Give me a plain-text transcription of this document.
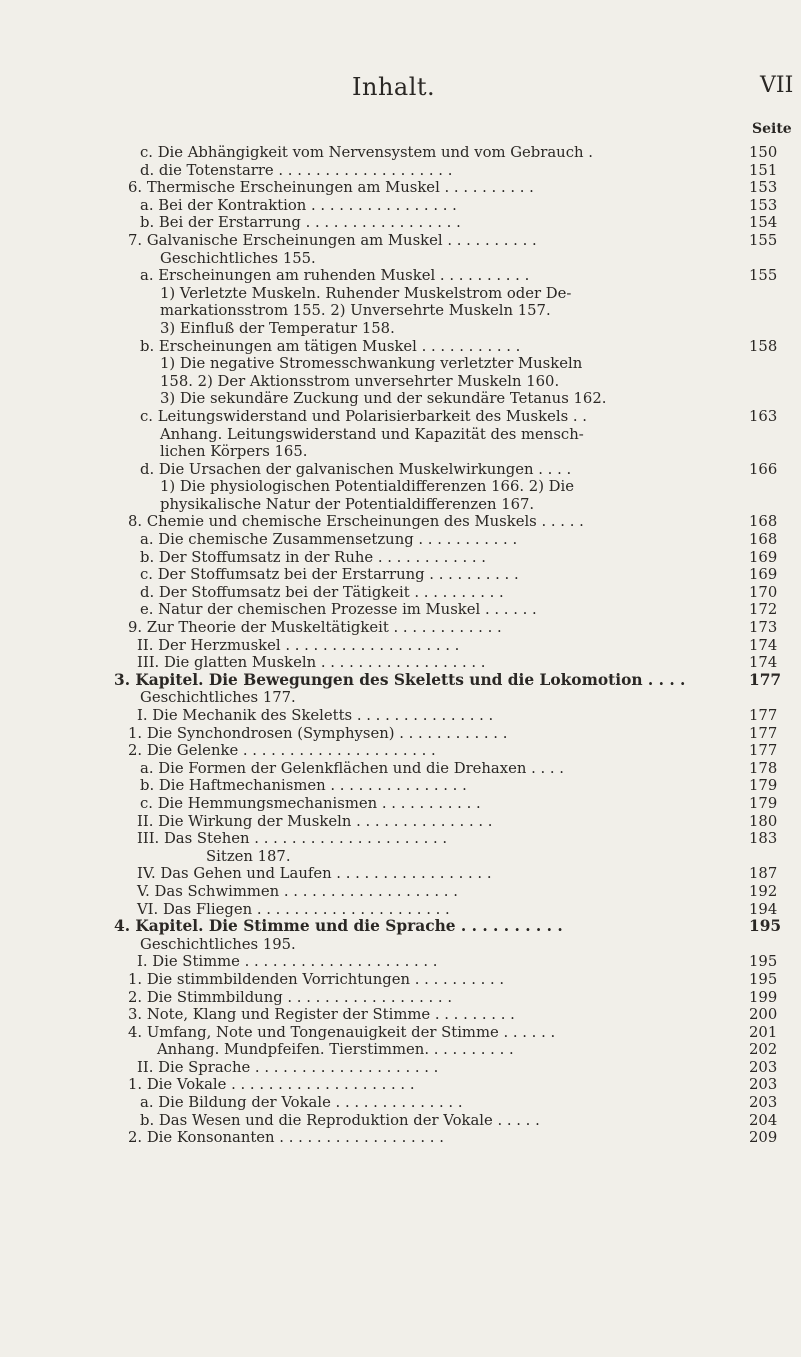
Inhalt.	VII
Seite
c. Die Abhängigkeit vom Nervensystem und vom Gebrauch .	150
d. die Totenstarre . . . . . . . . . . . . . . . . . . .	151
6. Thermische Erscheinungen am Muskel . . . . . . . . . .	153
a. Bei der Kontraktion . . . . . . . . . . . . . . . .	153
b. Bei der Erstarrung . . . . . . . . . . . . . . . . .	154
7. Galvanische Erscheinungen am Muskel . . . . . . . . . .	155
Geschichtliches 155.
a. Erscheinungen am ruhenden Muskel . . . . . . . . . .	155
1) Verletzte Muskeln. Ruhender Muskelstrom oder De-
markationsstrom 155. 2) Unversehrte Muskeln 157.
3) Einfluß der Temperatur 158.
b. Erscheinungen am tätigen Muskel . . . . . . . . . . .	158
1) Die negative Stromesschwankung verletzter Muskeln
158. 2) Der Aktionsstrom unversehrter Muskeln 160.
3) Die sekundäre Zuckung und der sekundäre Tetanus 162.
c. Leitungswiderstand und Polarisierbarkeit des Muskels . .	163
Anhang. Leitungswiderstand und Kapazität des mensch-
lichen Körpers 165.
d. Die Ursachen der galvanischen Muskelwirkungen . . . .	166
1) Die physiologischen Potentialdifferenzen 166. 2) Die
physikalische Natur der Potentialdifferenzen 167.
8. Chemie und chemische Erscheinungen des Muskels . . . . .	168
a. Die chemische Zusammensetzung . . . . . . . . . . .	168
b. Der Stoffumsatz in der Ruhe . . . . . . . . . . . .	169
c. Der Stoffumsatz bei der Erstarrung . . . . . . . . . .	169
d. Der Stoffumsatz bei der Tätigkeit . . . . . . . . . .	170
e. Natur der chemischen Prozesse im Muskel . . . . . .	172
9. Zur Theorie der Muskeltätigkeit . . . . . . . . . . . .	173
II. Der Herzmuskel . . . . . . . . . . . . . . . . . . .	174
III. Die glatten Muskeln . . . . . . . . . . . . . . . . . .	174
3. Kapitel. Die Bewegungen des Skeletts und die Lokomotion . . . .	177
Geschichtliches 177.
I. Die Mechanik des Skeletts . . . . . . . . . . . . . . .	177
1. Die Synchondrosen (Symphysen) . . . . . . . . . . . .	177
2. Die Gelenke . . . . . . . . . . . . . . . . . . . . .	177
a. Die Formen der Gelenkflächen und die Drehaxen . . . .	178
b. Die Haftmechanismen . . . . . . . . . . . . . . .	179
c. Die Hemmungsmechanismen . . . . . . . . . . .	179
II. Die Wirkung der Muskeln . . . . . . . . . . . . . . .	180
III. Das Stehen . . . . . . . . . . . . . . . . . . . . .	183
Sitzen 187.
IV. Das Gehen und Laufen . . . . . . . . . . . . . . . . .	187
V. Das Schwimmen . . . . . . . . . . . . . . . . . . .	192
VI. Das Fliegen . . . . . . . . . . . . . . . . . . . . .	194
4. Kapitel. Die Stimme und die Sprache . . . . . . . . . .	195
Geschichtliches 195.
I. Die Stimme . . . . . . . . . . . . . . . . . . . . .	195
1. Die stimmbildenden Vorrichtungen . . . . . . . . . .	195
2. Die Stimmbildung . . . . . . . . . . . . . . . . . .	199
3. Note, Klang und Register der Stimme . . . . . . . . .	200
4. Umfang, Note und Tongenauigkeit der Stimme . . . . . .	201
Anhang. Mundpfeifen. Tierstimmen. . . . . . . . . .	202
II. Die Sprache . . . . . . . . . . . . . . . . . . . .	203
1. Die Vokale . . . . . . . . . . . . . . . . . . . .	203
a. Die Bildung der Vokale . . . . . . . . . . . . . .	203
b. Das Wesen und die Reproduktion der Vokale . . . . .	204
2. Die Konsonanten . . . . . . . . . . . . . . . . . .	209
